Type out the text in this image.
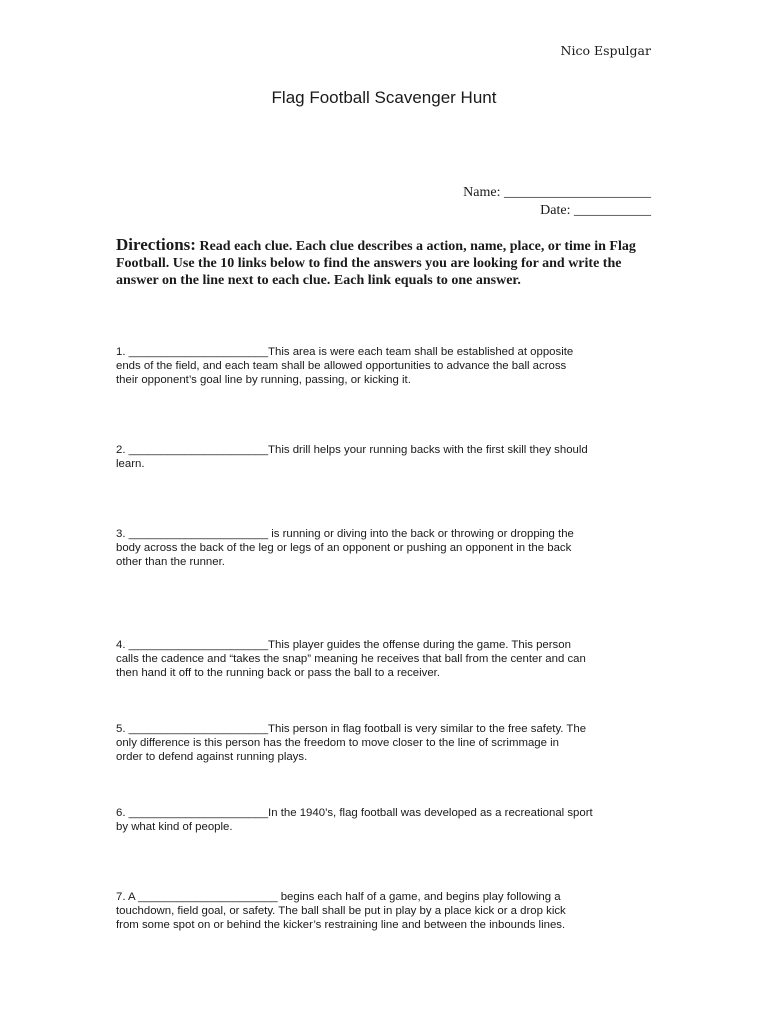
Nico Espulgar
Flag Football Scavenger Hunt
Name: _____________________
Date: ___________
Directions: Read each clue. Each clue describes a action, name, place, or time in Flag Football. Use the 10 links below to find the answers you are looking for and write the answer on the line next to each clue. Each link equals to one answer.
1. ______________________This area is were each team shall be established at opposite
ends of the field, and each team shall be allowed opportunities to advance the ball across
their opponent’s goal line by running, passing, or kicking it.
2. ______________________This drill helps your running backs with the first skill they should
learn.
3. ______________________ is running or diving into the back or throwing or dropping the
body across the back of the leg or legs of an opponent or pushing an opponent in the back
other than the runner.
4. ______________________This player guides the offense during the game. This person
calls the cadence and “takes the snap” meaning he receives that ball from the center and can
then hand it off to the running back or pass the ball to a receiver.
5. ______________________This person in flag football is very similar to the free safety. The
only difference is this person has the freedom to move closer to the line of scrimmage in
order to defend against running plays.
6. ______________________In the 1940’s, flag football was developed as a recreational sport
by what kind of people.
7. A ______________________ begins each half of a game, and begins play following a
touchdown, field goal, or safety. The ball shall be put in play by a place kick or a drop kick
from some spot on or behind the kicker’s restraining line and between the inbounds lines.
